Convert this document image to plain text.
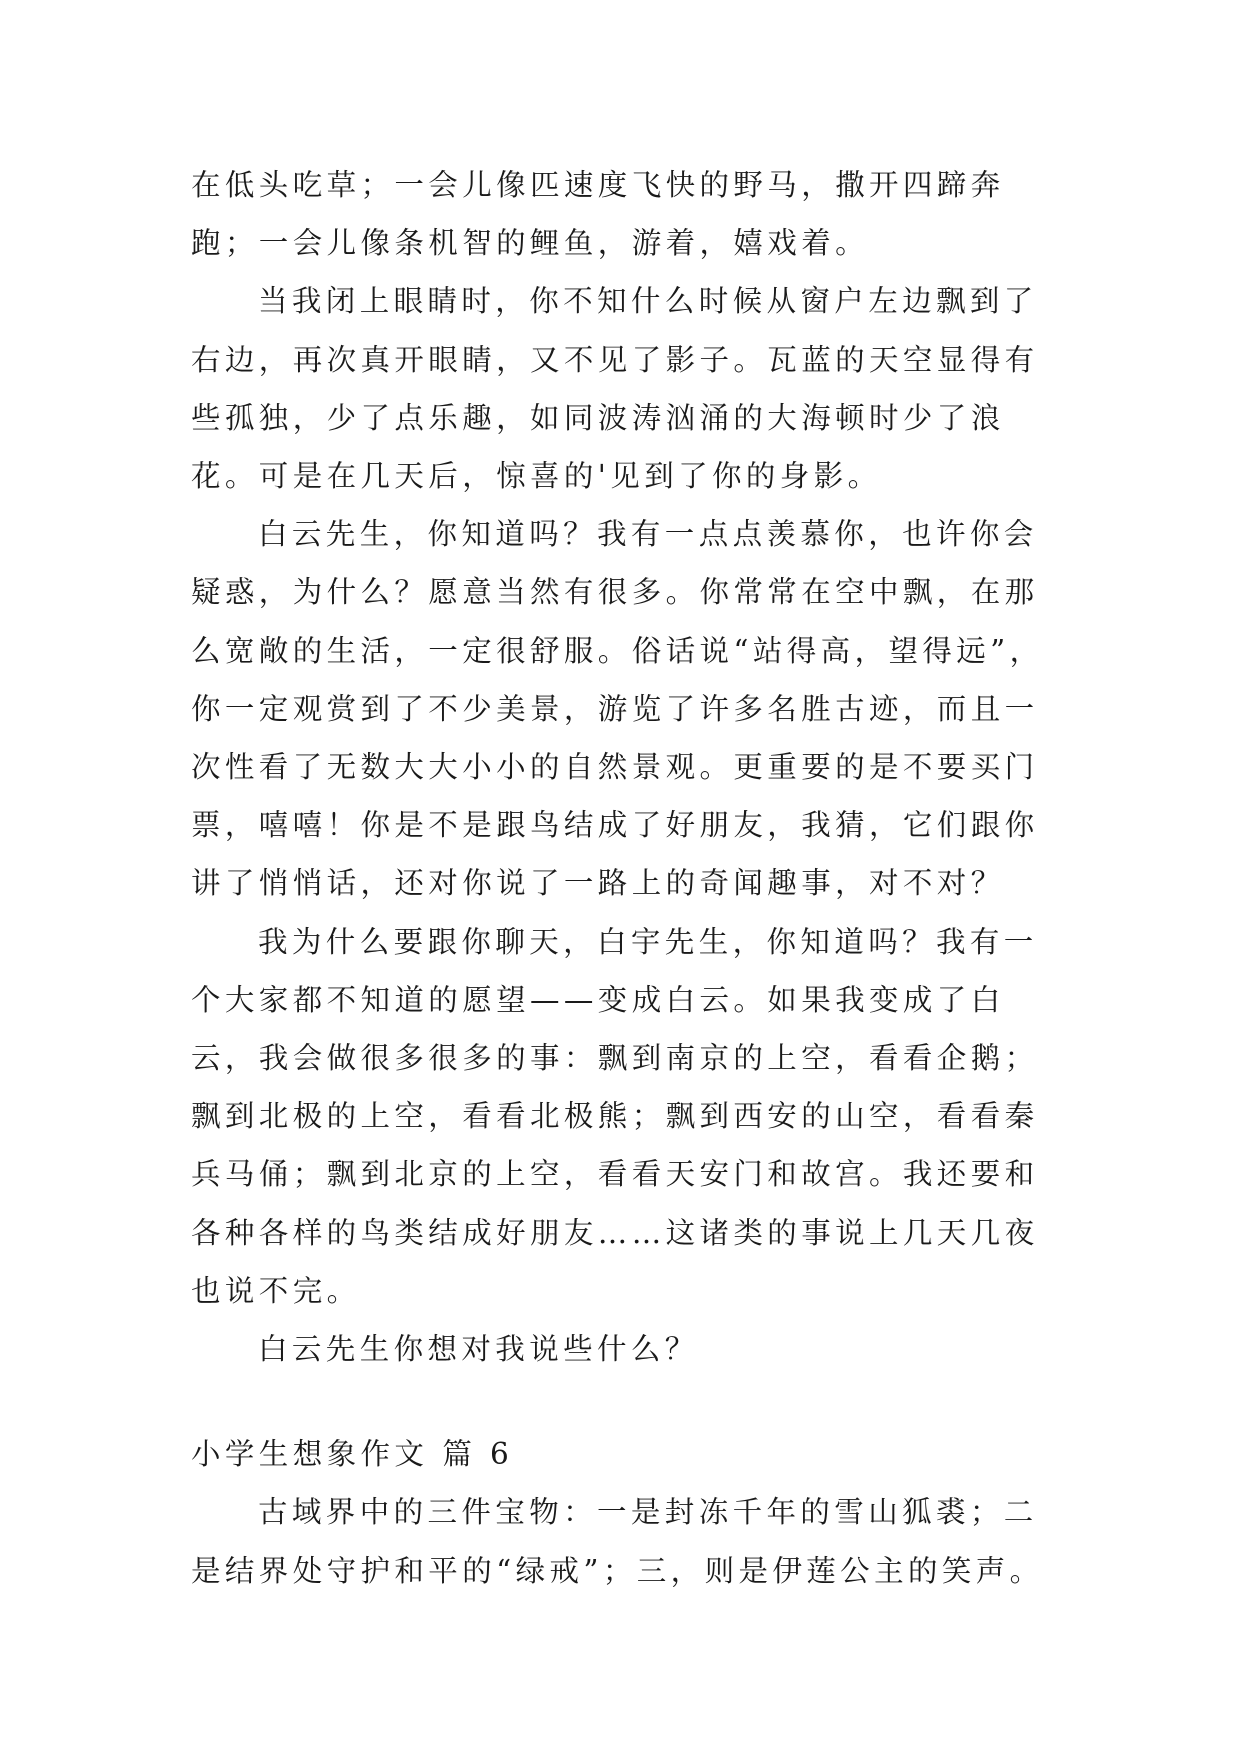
在低头吃草；一会儿像匹速度飞快的野马，撒开四蹄奔跑；一会儿像条机智的鲤鱼，游着，嬉戏着。

当我闭上眼睛时，你不知什么时候从窗户左边飘到了右边，再次真开眼睛，又不见了影子。瓦蓝的天空显得有些孤独，少了点乐趣，如同波涛汹涌的大海顿时少了浪花。可是在几天后，惊喜的'见到了你的身影。

白云先生，你知道吗？我有一点点羡慕你，也许你会疑惑，为什么？愿意当然有很多。你常常在空中飘，在那么宽敞的生活，一定很舒服。俗话说“站得高，望得远”，你一定观赏到了不少美景，游览了许多名胜古迹，而且一次性看了无数大大小小的自然景观。更重要的是不要买门票，嘻嘻！你是不是跟鸟结成了好朋友，我猜，它们跟你讲了悄悄话，还对你说了一路上的奇闻趣事，对不对？

我为什么要跟你聊天，白宇先生，你知道吗？我有一个大家都不知道的愿望——变成白云。如果我变成了白云，我会做很多很多的事：飘到南京的上空，看看企鹅；飘到北极的上空，看看北极熊；飘到西安的山空，看看秦兵马俑；飘到北京的上空，看看天安门和故宫。我还要和各种各样的鸟类结成好朋友……这诸类的事说上几天几夜也说不完。

白云先生你想对我说些什么？

小学生想象作文 篇 6

古域界中的三件宝物：一是封冻千年的雪山狐裘；二是结界处守护和平的“绿戒”；三，则是伊莲公主的笑声。
